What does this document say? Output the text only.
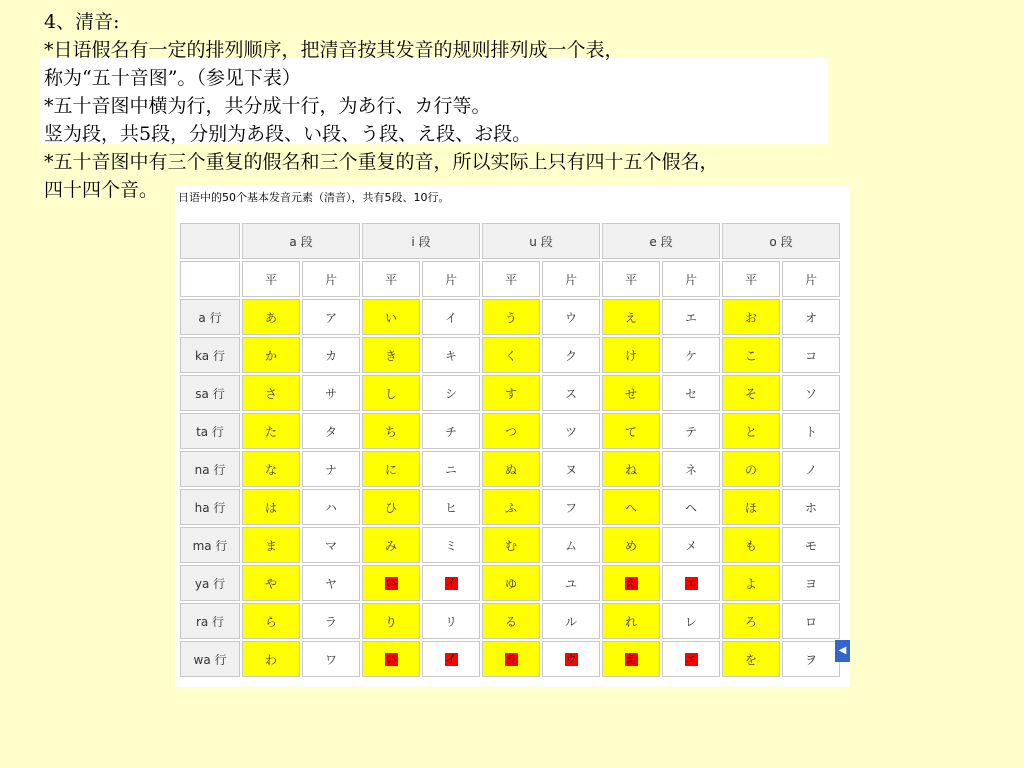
4、清音:
*日语假名有一定的排列顺序，把清音按其发音的规则排列成一个表，
称为“五十音图”。（参见下表）
*五十音图中横为行，共分成十行，为あ行、カ行等。
竖为段，共5段，分别为あ段、い段、う段、え段、お段。
*五十音图中有三个重复的假名和三个重复的音，所以实际上只有四十五个假名，
四十四个音。	日语中的50个基本发音元素（清音），共有5段、10行。
	a 段		i 段		u 段		e 段		o 段	
	平	片	平	片	平	片	平	片	平	片
a 行	あ	ア	い	イ	う	ウ	え	エ	お	オ
ka 行	か	カ	き	キ	く	ク	け	ケ	こ	コ
sa 行	さ	サ	し	シ	す	ス	せ	セ	そ	ソ
ta 行	た	タ	ち	チ	つ	ツ	て	テ	と	ト
na 行	な	ナ	に	ニ	ぬ	ヌ	ね	ネ	の	ノ
ha 行	は	ハ	ひ	ヒ	ふ	フ	へ	ヘ	ほ	ホ
ma 行	ま	マ	み	ミ	む	ム	め	メ	も	モ
ya 行	や	ヤ	い	イ	ゆ	ユ	え	エ	よ	ヨ
ra 行	ら	ラ	り	リ	る	ル	れ	レ	ろ	ロ
wa 行	わ	ワ	い	イ	う	ウ	え	エ	を	ヲ
◀
